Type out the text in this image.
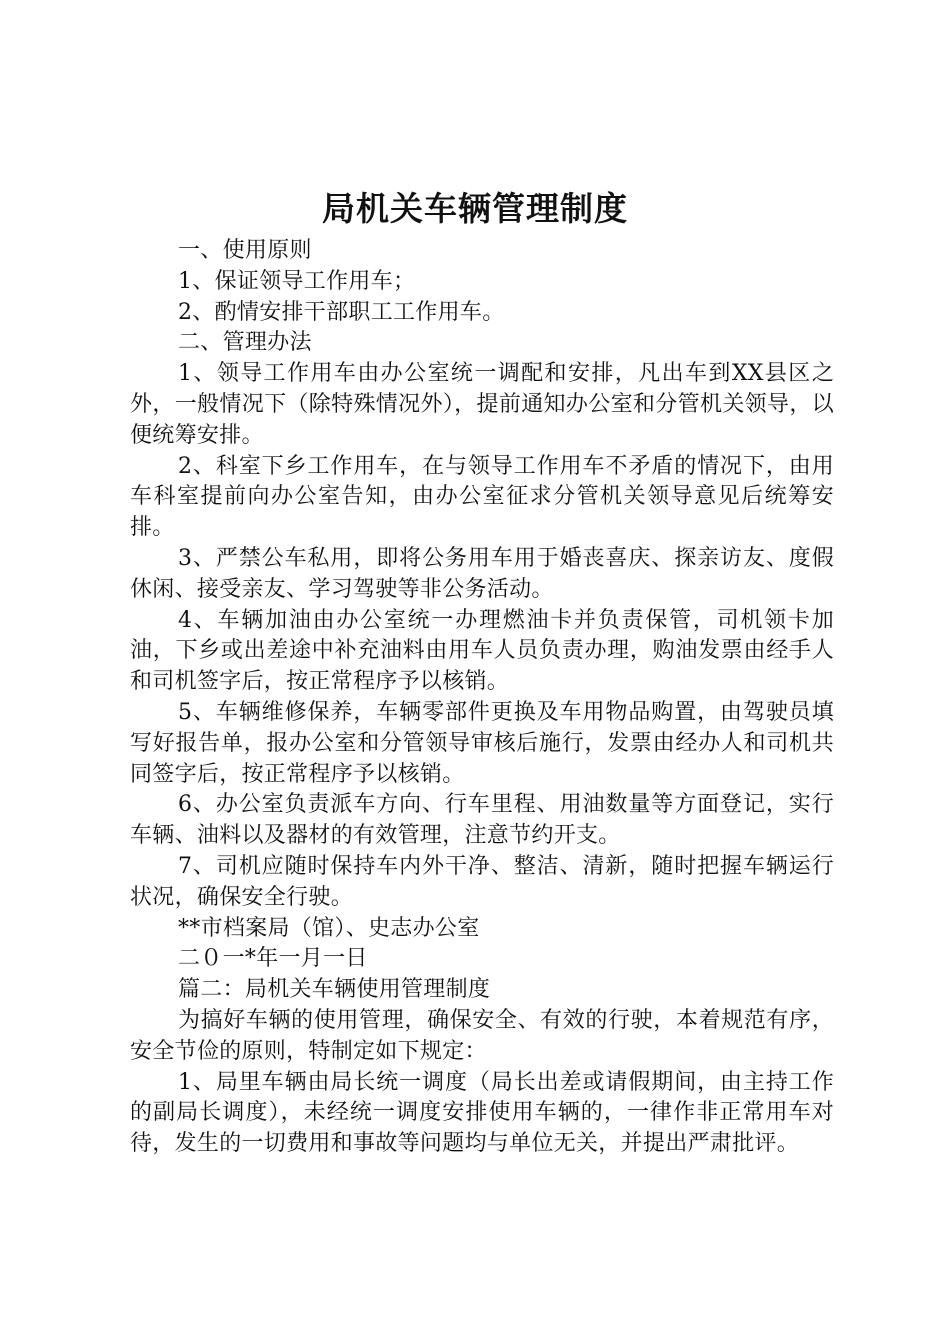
局机关车辆管理制度

一、使用原则

1、保证领导工作用车；

2、酌情安排干部职工工作用车。

二、管理办法

1、领导工作用车由办公室统一调配和安排，凡出车到XX县区之外，一般情况下（除特殊情况外），提前通知办公室和分管机关领导，以便统筹安排。

2、科室下乡工作用车，在与领导工作用车不矛盾的情况下，由用车科室提前向办公室告知，由办公室征求分管机关领导意见后统筹安排。

3、严禁公车私用，即将公务用车用于婚丧喜庆、探亲访友、度假休闲、接受亲友、学习驾驶等非公务活动。

4、车辆加油由办公室统一办理燃油卡并负责保管，司机领卡加油，下乡或出差途中补充油料由用车人员负责办理，购油发票由经手人和司机签字后，按正常程序予以核销。

5、车辆维修保养，车辆零部件更换及车用物品购置，由驾驶员填写好报告单，报办公室和分管领导审核后施行，发票由经办人和司机共同签字后，按正常程序予以核销。

6、办公室负责派车方向、行车里程、用油数量等方面登记，实行车辆、油料以及器材的有效管理，注意节约开支。

7、司机应随时保持车内外干净、整洁、清新，随时把握车辆运行状况，确保安全行驶。

**市档案局（馆）、史志办公室

二０一*年一月一日

篇二：局机关车辆使用管理制度

为搞好车辆的使用管理，确保安全、有效的行驶，本着规范有序，安全节俭的原则，特制定如下规定：

1、局里车辆由局长统一调度（局长出差或请假期间，由主持工作的副局长调度），未经统一调度安排使用车辆的，一律作非正常用车对待，发生的一切费用和事故等问题均与单位无关，并提出严肃批评。
